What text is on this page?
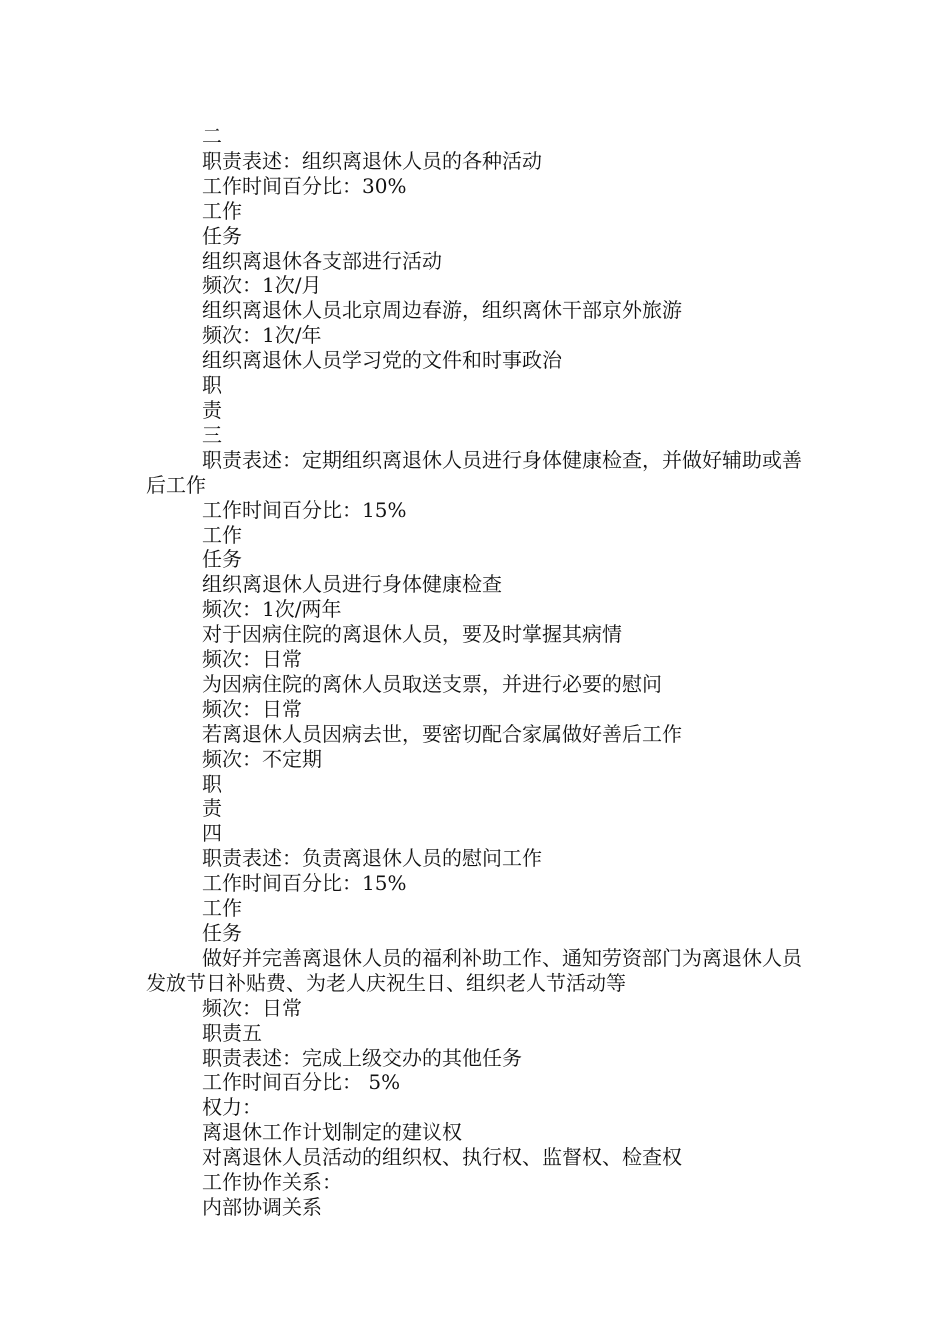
二

职责表述：组织离退休人员的各种活动

工作时间百分比：30%

工作

任务

组织离退休各支部进行活动

频次：1次/月

组织离退休人员北京周边春游，组织离休干部京外旅游

频次：1次/年

组织离退休人员学习党的文件和时事政治

职

责

三

职责表述：定期组织离退休人员进行身体健康检查，并做好辅助或善后工作

工作时间百分比：15%

工作

任务

组织离退休人员进行身体健康检查

频次：1次/两年

对于因病住院的离退休人员，要及时掌握其病情

频次：日常

为因病住院的离休人员取送支票，并进行必要的慰问

频次：日常

若离退休人员因病去世，要密切配合家属做好善后工作

频次：不定期

职

责

四

职责表述：负责离退休人员的慰问工作

工作时间百分比：15%

工作

任务

做好并完善离退休人员的福利补助工作、通知劳资部门为离退休人员发放节日补贴费、为老人庆祝生日、组织老人节活动等

频次：日常

职责五

职责表述：完成上级交办的其他任务

工作时间百分比： 5%

权力：

离退休工作计划制定的建议权

对离退休人员活动的组织权、执行权、监督权、检查权

工作协作关系：

内部协调关系
